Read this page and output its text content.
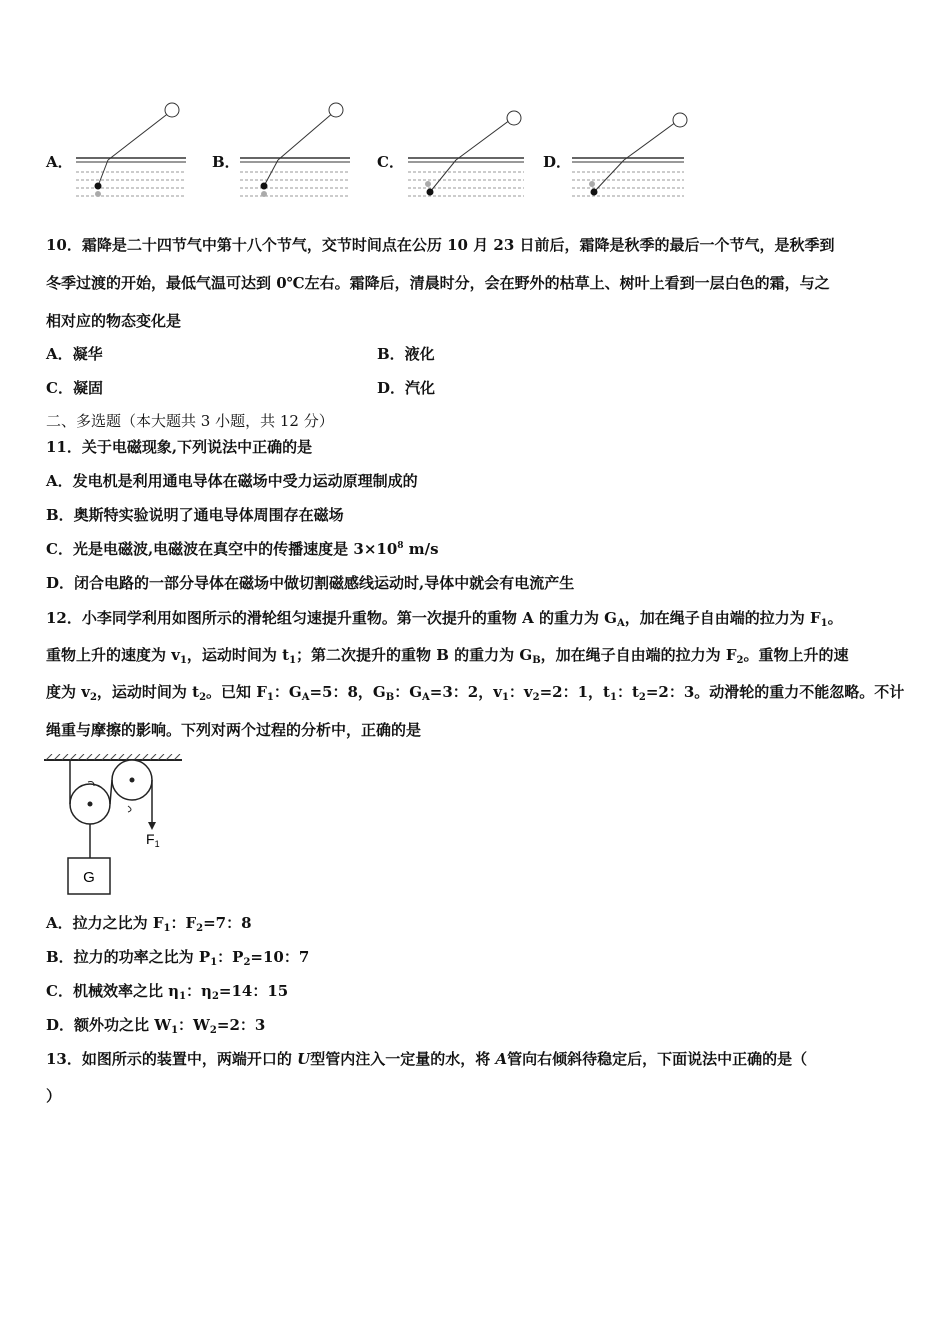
A．	B．	C．	D．
10．霜降是二十四节气中第十八个节气，交节时间点在公历 10 月 23 日前后，霜降是秋季的最后一个节气，是秋季到
冬季过渡的开始，最低气温可达到 0℃左右。霜降后，清晨时分，会在野外的枯草上、树叶上看到一层白色的霜，与之
相对应的物态变化是
A．凝华	B．液化
C．凝固	D．汽化
二、多选题（本大题共 3 小题，共 12 分）
11．关于电磁现象,下列说法中正确的是
A．发电机是利用通电导体在磁场中受力运动原理制成的
B．奥斯特实验说明了通电导体周围存在磁场
C．光是电磁波,电磁波在真空中的传播速度是 $3\times 10^8$ m/s
D．闭合电路的一部分导体在磁场中做切割磁感线运动时,导体中就会有电流产生
12．小李同学利用如图所示的滑轮组匀速提升重物。第一次提升的重物 A 的重力为 $G_A$，加在绳子自由端的拉力为 $F_1$。
重物上升的速度为 $v_1$，运动时间为 $t_1$；第二次提升的重物 B 的重力为 $G_B$，加在绳子自由端的拉力为 $F_2$。重物上升的速
度为 $v_2$，运动时间为 $t_2$。已知 $F_1$：$G_A=5$：8，$G_B$：$G_A=3$：2，$v_1$：$v_2=2$：1，$t_1$：$t_2=2$：3。动滑轮的重力不能忽略。不计
绳重与摩擦的影响。下列对两个过程的分析中，正确的是
G
$F_1$
A．拉力之比为 $F_1$：$F_2=7$：8
B．拉力的功率之比为 $P_1$：$P_2=10$：7
C．机械效率之比 $\eta_1$：$\eta_2=14$：15
D．额外功之比 $W_1$：$W_2=2$：3
13．如图所示的装置中，两端开口的 U型管内注入一定量的水，将 A管向右倾斜待稳定后，下面说法中正确的是（
）
